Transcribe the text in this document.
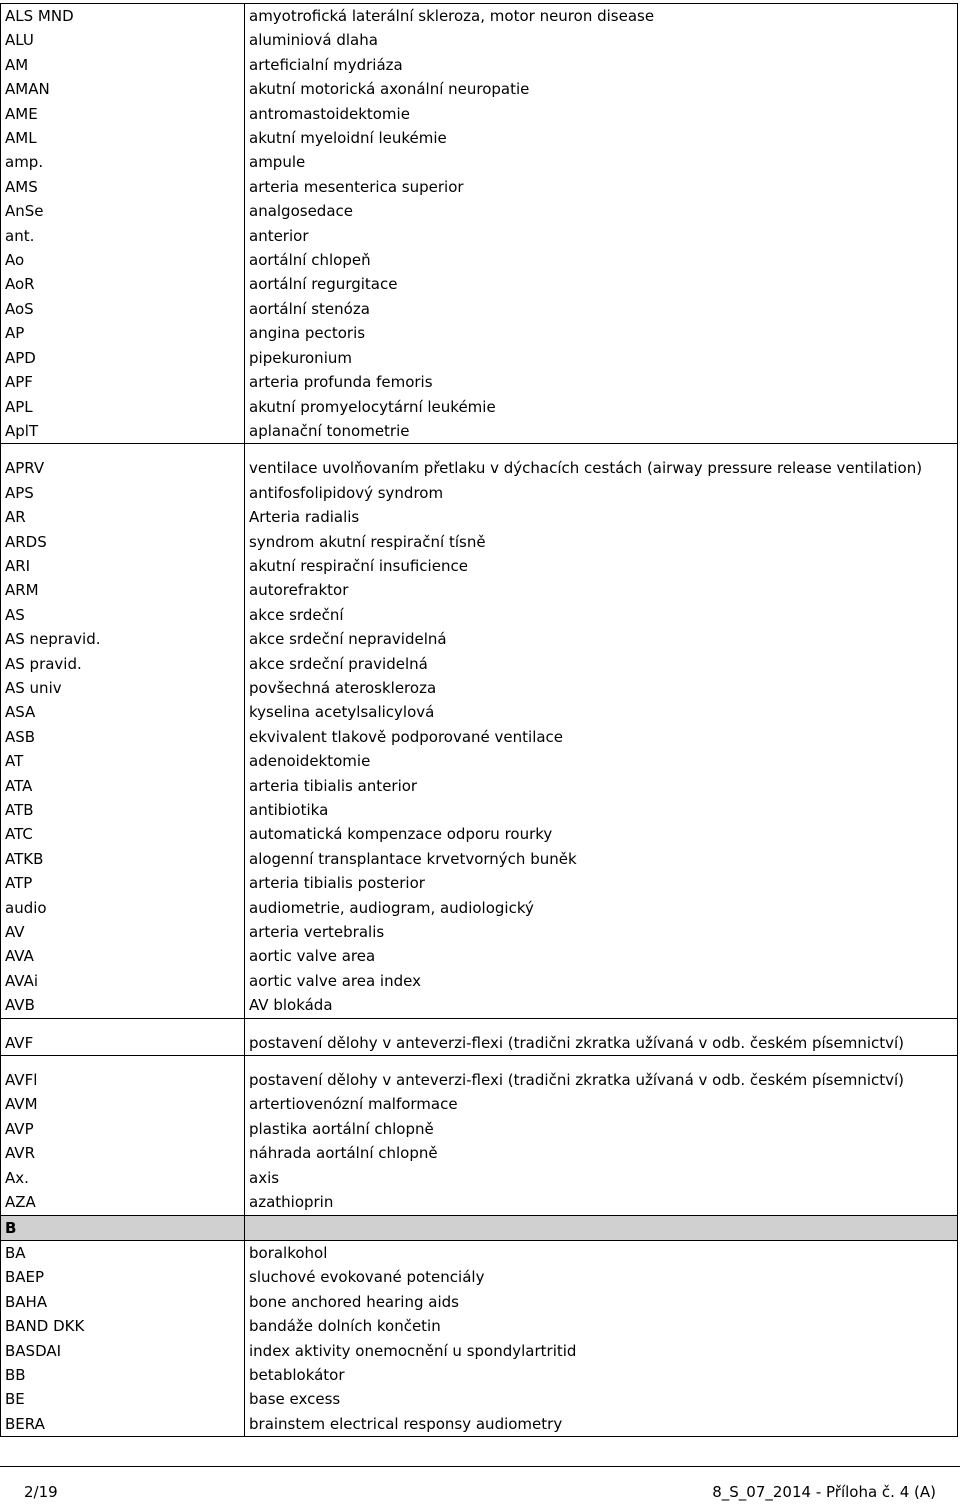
ALS MND	amyotrofická laterální skleroza, motor neuron disease
ALU	aluminiová dlaha
AM	arteficialní mydriáza
AMAN	akutní motorická axonální neuropatie
AME	antromastoidektomie
AML	akutní myeloidní leukémie
amp.	ampule
AMS	arteria mesenterica superior
AnSe	analgosedace
ant.	anterior
Ao	aortální chlopeň
AoR	aortální regurgitace
AoS	aortální stenóza
AP	angina pectoris
APD	pipekuronium
APF	arteria profunda femoris
APL	akutní promyelocytární leukémie
AplT	aplanační tonometrie
APRV	ventilace uvolňovaním přetlaku v dýchacích cestách (airway pressure release ventilation)
APS	antifosfolipidový syndrom
AR	Arteria radialis
ARDS	syndrom akutní respirační tísně
ARI	akutní respirační insuficience
ARM	autorefraktor
AS	akce srdeční
AS nepravid.	akce srdeční nepravidelná
AS pravid.	akce srdeční pravidelná
AS univ	povšechná ateroskleroza
ASA	kyselina acetylsalicylová
ASB	ekvivalent tlakově podporované ventilace
AT	adenoidektomie
ATA	arteria tibialis anterior
ATB	antibiotika
ATC	automatická kompenzace odporu rourky
ATKB	alogenní transplantace krvetvorných buněk
ATP	arteria tibialis posterior
audio	audiometrie, audiogram, audiologický
AV	arteria vertebralis
AVA	aortic valve area
AVAi	aortic valve area index
AVB	AV blokáda
AVF	postavení dělohy v anteverzi-flexi (tradični zkratka užívaná v odb. českém písemnictví)
AVFl	postavení dělohy v anteverzi-flexi (tradični zkratka užívaná v odb. českém písemnictví)
AVM	artertiovenózní malformace
AVP	plastika aortální chlopně
AVR	náhrada aortální chlopně
Ax.	axis
AZA	azathioprin
B	
BA	boralkohol
BAEP	sluchové evokované potenciály
BAHA	bone anchored hearing aids
BAND DKK	bandáže dolních končetin
BASDAI	index aktivity onemocnění u spondylartritid
BB	betablokátor
BE	base excess
BERA	brainstem electrical responsy audiometry
2/19	8_S_07_2014 - Příloha č. 4 (A)
